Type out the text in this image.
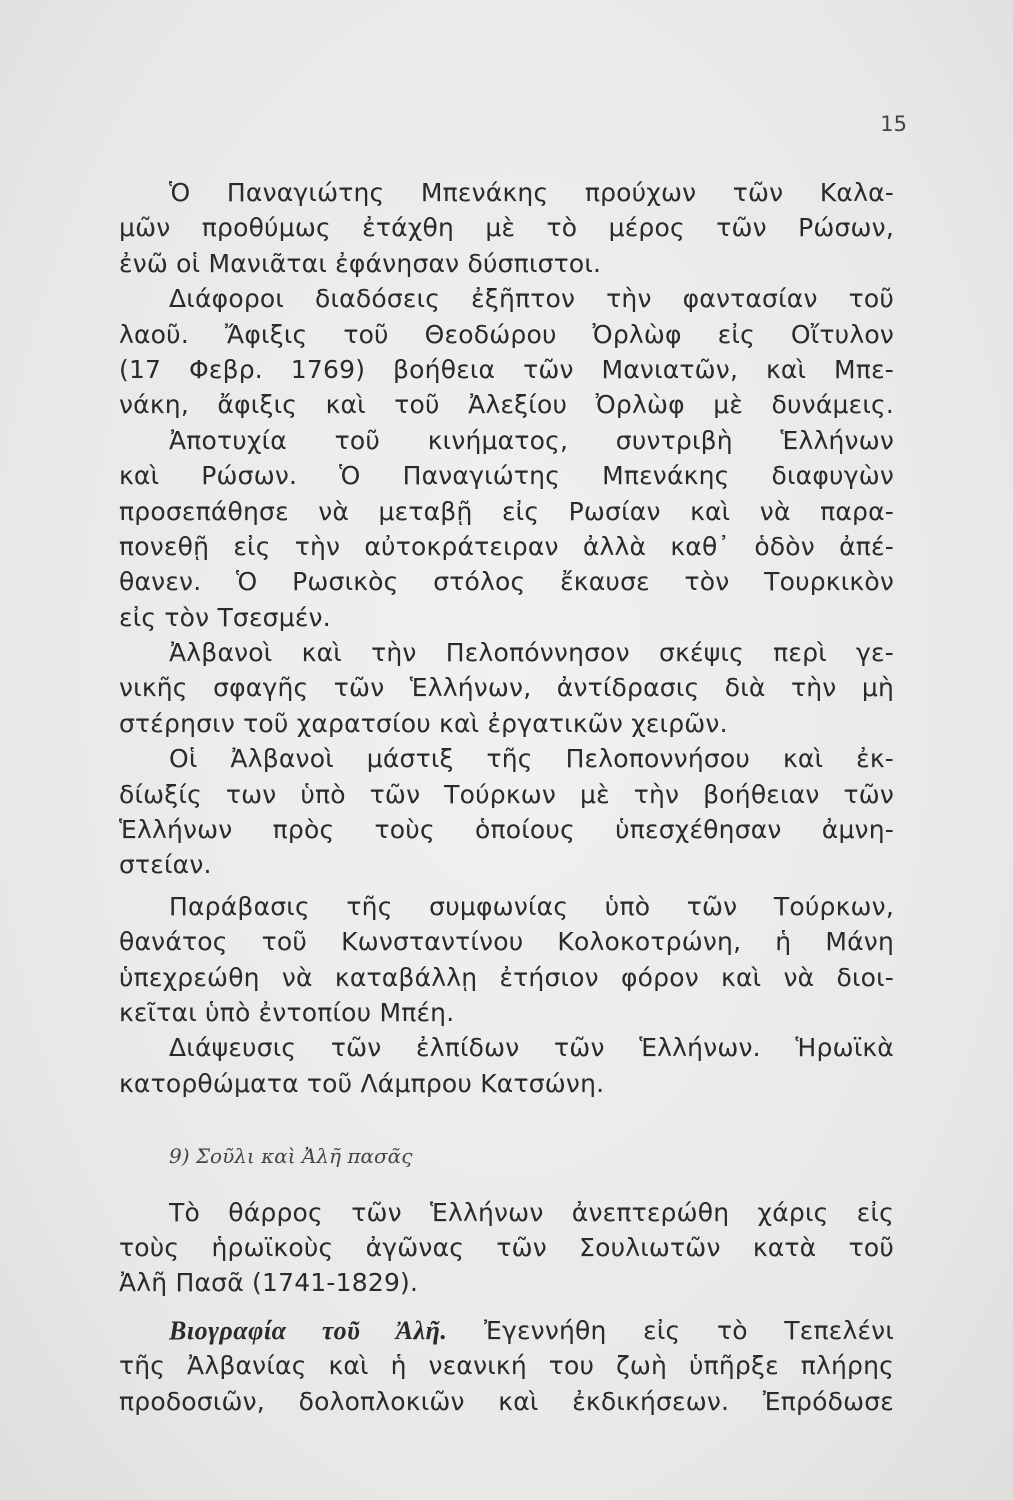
15
Ὁ Παναγιώτης Μπενάκης προύχων τῶν Καλα-
μῶν προθύμως ἐτάχθη μὲ τὸ μέρος τῶν Ρώσων,
ἐνῶ οἱ Μανιᾶται ἐφάνησαν δύσπιστοι.
Διάφοροι διαδόσεις ἐξῆπτον τὴν φαντασίαν τοῦ
λαοῦ. Ἄφιξις τοῦ Θεοδώρου Ὀρλὼφ εἰς Οἴτυλον
(17 Φεβρ. 1769) βοήθεια τῶν Μανιατῶν, καὶ Μπε-
νάκη, ἄφιξις καὶ τοῦ Ἀλεξίου Ὀρλὼφ μὲ δυνάμεις.
Ἀποτυχία τοῦ κινήματος, συντριβὴ Ἑλλήνων
καὶ Ρώσων. Ὁ Παναγιώτης Μπενάκης διαφυγὼν
προσεπάθησε νὰ μεταβῇ εἰς Ρωσίαν καὶ νὰ παρα-
πονεθῇ εἰς τὴν αὐτοκράτειραν ἀλλὰ καθ᾽ ὁδὸν ἀπέ-
θανεν. Ὁ Ρωσικὸς στόλος ἔκαυσε τὸν Τουρκικὸν
εἰς τὸν Τσεσμέν.
Ἀλβανοὶ καὶ τὴν Πελοπόννησον σκέψις περὶ γε-
νικῆς σφαγῆς τῶν Ἑλλήνων, ἀντίδρασις διὰ τὴν μὴ
στέρησιν τοῦ χαρατσίου καὶ ἐργατικῶν χειρῶν.
Οἱ Ἀλβανοὶ μάστιξ τῆς Πελοποννήσου καὶ ἐκ-
δίωξίς των ὑπὸ τῶν Τούρκων μὲ τὴν βοήθειαν τῶν
Ἑλλήνων πρὸς τοὺς ὁποίους ὑπεσχέθησαν ἀμνη-
στείαν.
Παράβασις τῆς συμφωνίας ὑπὸ τῶν Τούρκων,
θανάτος τοῦ Κωνσταντίνου Κολοκοτρώνη, ἡ Μάνη
ὑπεχρεώθη νὰ καταβάλλῃ ἐτήσιον φόρον καὶ νὰ διοι-
κεῖται ὑπὸ ἐντοπίου Μπέη.
Διάψευσις τῶν ἐλπίδων τῶν Ἑλλήνων. Ἡρωϊκὰ
κατορθώματα τοῦ Λάμπρου Κατσώνη.
9) Σοῦλι καὶ Ἀλῆ πασᾶς
Τὸ θάρρος τῶν Ἑλλήνων ἀνεπτερώθη χάρις εἰς
τοὺς ἡρωϊκοὺς ἀγῶνας τῶν Σουλιωτῶν κατὰ τοῦ
Ἀλῆ Πασᾶ (1741-1829).
Βιογραφία τοῦ Ἀλῆ. Ἐγεννήθη εἰς τὸ Τεπελένι
τῆς Ἀλβανίας καὶ ἡ νεανική του ζωὴ ὑπῆρξε πλήρης
προδοσιῶν, δολοπλοκιῶν καὶ ἐκδικήσεων. Ἐπρόδωσε
